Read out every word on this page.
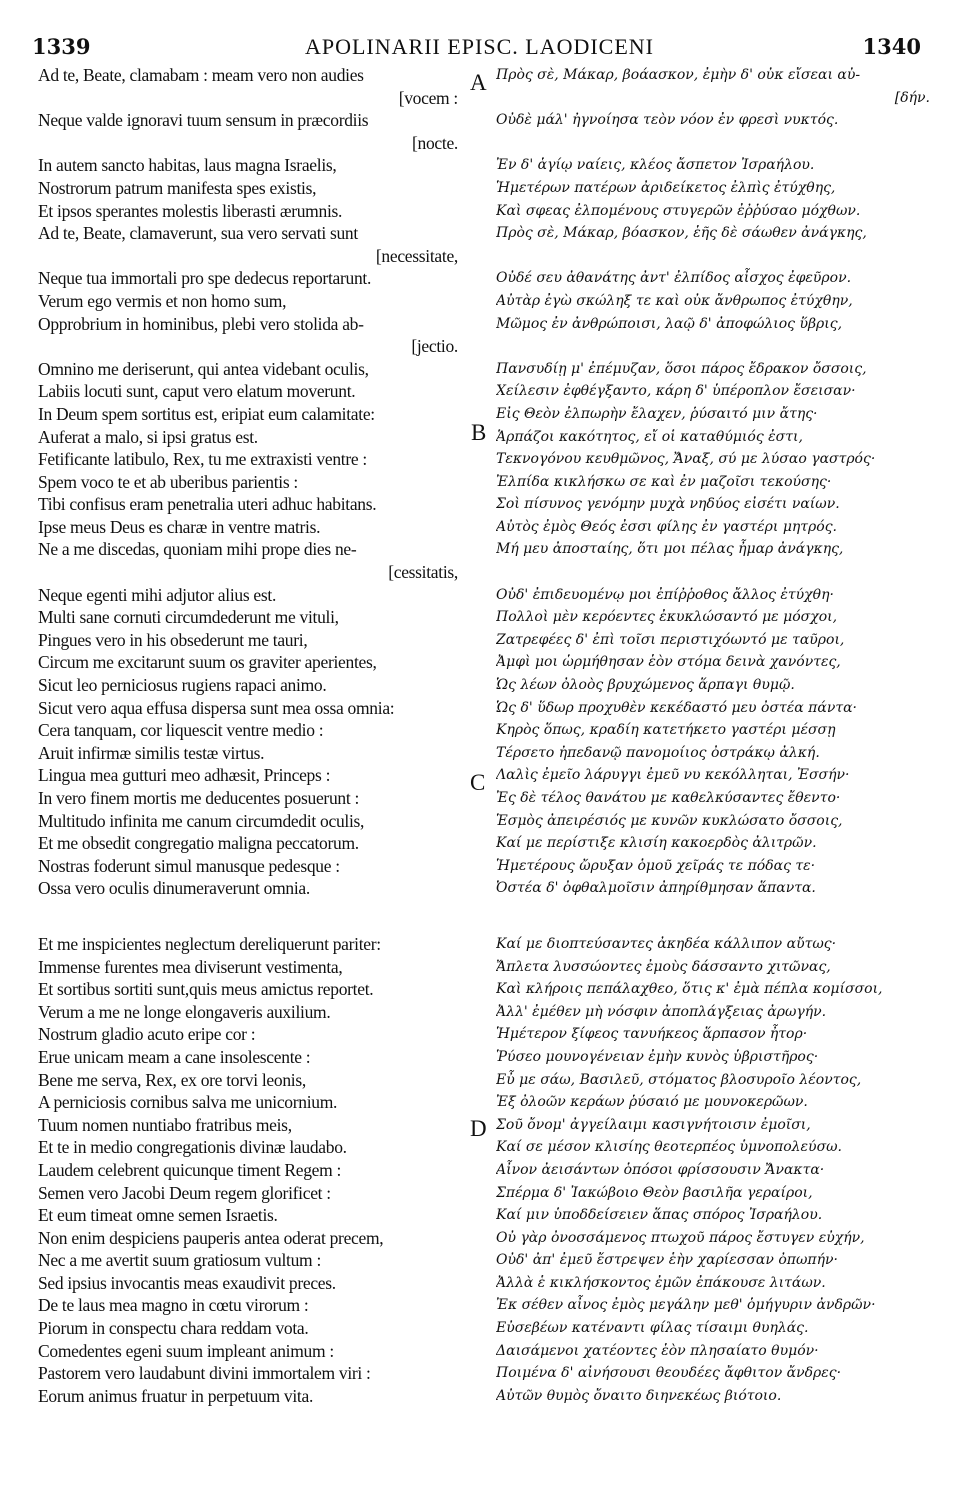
1339	APOLINARII EPISC. LAODICENI	1340
Ad te, Beate, clamabam : meam vero non audies
[vocem :
Neque valde ignoravi tuum sensum in præcordiis
[nocte.
In autem sancto habitas, laus magna Israelis,
Nostrorum patrum manifesta spes existis,
Et ipsos sperantes molestis liberasti ærumnis.
Ad te, Beate, clamaverunt, sua vero servati sunt
[necessitate,
Neque tua immortali pro spe dedecus reportarunt.
Verum ego vermis et non homo sum,
Opprobrium in hominibus, plebi vero stolida ab-
[jectio.
Omnino me deriserunt, qui antea videbant oculis,
Labiis locuti sunt, caput vero elatum moverunt.
In Deum spem sortitus est, eripiat eum calamitate:
Auferat a malo, si ipsi gratus est.
Fetificante latibulo, Rex, tu me extraxisti ventre :
Spem voco te et ab uberibus parientis :
Tibi confisus eram penetralia uteri adhuc habitans.
Ipse meus Deus es charæ in ventre matris.
Ne a me discedas, quoniam mihi prope dies ne-
[cessitatis,
Neque egenti mihi adjutor alius est.
Multi sane cornuti circumdederunt me vituli,
Pingues vero in his obsederunt me tauri,
Circum me excitarunt suum os graviter aperientes,
Sicut leo perniciosus rugiens rapaci animo.
Sicut vero aqua effusa dispersa sunt mea ossa omnia:
Cera tanquam, cor liquescit ventre medio :
Aruit infirmæ similis testæ virtus.
Lingua mea gutturi meo adhæsit, Princeps :
In vero finem mortis me deducentes posuerunt :
Multitudo infinita me canum circumdedit oculis,
Et me obsedit congregatio maligna peccatorum.
Nostras foderunt simul manusque pedesque :
Ossa vero oculis dinumeraverunt omnia.
Et me inspicientes neglectum dereliquerunt pariter:
Immense furentes mea diviserunt vestimenta,
Et sortibus sortiti sunt,quis meus amictus reportet.
Verum a me ne longe elongaveris auxilium.
Nostrum gladio acuto eripe cor :
Erue unicam meam a cane insolescente :
Bene me serva, Rex, ex ore torvi leonis,
A perniciosis cornibus salva me unicornium.
Tuum nomen nuntiabo fratribus meis,
Et te in medio congregationis divinæ laudabo.
Laudem celebrent quicunque timent Regem :
Semen vero Jacobi Deum regem glorificet :
Et eum timeat omne semen Israetis.
Non enim despiciens pauperis antea oderat precem,
Nec a me avertit suum gratiosum vultum :
Sed ipsius invocantis meas exaudivit preces.
De te laus mea magno in cœtu virorum :
Piorum in conspectu chara reddam vota.
Comedentes egeni suum impleant animum :
Pastorem vero laudabunt divini immortalem viri :
Eorum animus fruatur in perpetuum vita.
Πρὸς σὲ, Μάκαρ, βοάασκον, ἐμὴν δ' οὐκ εἴσεαι αὐ-
[δήν.
Οὐδὲ μάλ' ἠγνοίησα τεὸν νόον ἐν φρεσὶ νυκτός.
Ἐν δ' ἁγίῳ ναίεις, κλέος ἄσπετον Ἰσραήλου.
Ἡμετέρων πατέρων ἀριδείκετος ἐλπὶς ἐτύχθης,
Καὶ σφεας ἐλπομένους στυγερῶν ἐῤῥύσαο μόχθων.
Πρὸς σὲ, Μάκαρ, βόασκον, ἑῆς δὲ σάωθεν ἀνάγκης,
Οὐδέ σευ ἀθανάτης ἀντ' ἐλπίδος αἶσχος ἐφεῦρον.
Αὐτὰρ ἐγὼ σκώληξ τε καὶ οὐκ ἄνθρωπος ἐτύχθην,
Μῶμος ἐν ἀνθρώποισι, λαῷ δ' ἀποφώλιος ὕβρις,
Πανσυδίῃ μ' ἐπέμυζαν, ὅσοι πάρος ἔδρακον ὄσσοις,
Χείλεσιν ἐφθέγξαντο, κάρη δ' ὑπέροπλον ἔσεισαν·
Εἰς Θεὸν ἐλπωρὴν ἔλαχεν, ῥύσαιτό μιν ἄτης·
Ἁρπάζοι κακότητος, εἴ οἱ καταθύμιός ἐστι,
Τεκνογόνου κευθμῶνος, Ἄναξ, σύ με λύσαο γαστρός·
Ἐλπίδα κικλήσκω σε καὶ ἐν μαζοῖσι τεκούσης·
Σοὶ πίσυνος γενόμην μυχὰ νηδύος εἰσέτι ναίων.
Αὐτὸς ἐμὸς Θεός ἐσσι φίλης ἐν γαστέρι μητρός.
Μή μευ ἀποσταίης, ὅτι μοι πέλας ἦμαρ ἀνάγκης,
Οὐδ' ἐπιδευομένῳ μοι ἐπίῤῥοθος ἄλλος ἐτύχθη·
Πολλοὶ μὲν κερόεντες ἐκυκλώσαντό με μόσχοι,
Ζατρεφέες δ' ἐπὶ τοῖσι περιστιχόωντό με ταῦροι,
Ἀμφὶ μοι ὡρμήθησαν ἑὸν στόμα δεινὰ χανόντες,
Ὡς λέων ὀλοὸς βρυχώμενος ἅρπαγι θυμῷ.
Ὡς δ' ὕδωρ προχυθὲν κεκέδαστό μευ ὀστέα πάντα·
Κηρὸς ὅπως, κραδίη κατετήκετο γαστέρι μέσσῃ
Τέρσετο ἠπεδανῷ πανομοίιος ὀστράκῳ ἀλκή.
Λαλὶς ἐμεῖο λάρυγγι ἐμεῦ νυ κεκόλληται, Ἐσσήν·
Ἐς δὲ τέλος θανάτου με καθελκύσαντες ἔθεντο·
Ἑσμὸς ἀπειρέσιός με κυνῶν κυκλώσατο ὄσσοις,
Καί με περίστιξε κλισίη κακοερδὸς ἀλιτρῶν.
Ἡμετέρους ὤρυξαν ὁμοῦ χεῖράς τε πόδας τε·
Ὀστέα δ' ὀφθαλμοῖσιν ἀπηρίθμησαν ἅπαντα.
Καί με διοπτεύσαντες ἀκηδέα κάλλιπον αὔτως·
Ἄπλετα λυσσώοντες ἐμοὺς δάσσαντο χιτῶνας,
Καὶ κλήροις πεπάλαχθεο, ὅτις κ' ἐμὰ πέπλα κομίσσοι,
Ἀλλ' ἐμέθεν μὴ νόσφιν ἀποπλάγξειας ἀρωγήν.
Ἡμέτερον ξίφεος τανυήκεος ἅρπασον ἦτορ·
Ῥύσεο μουνογένειαν ἐμὴν κυνὸς ὑβριστῆρος·
Εὖ με σάω, Βασιλεῦ, στόματος βλοσυροῖο λέοντος,
Ἐξ ὀλοῶν κεράων ῥύσαιό με μουνοκερῶων.
Σοῦ ὄνομ' ἀγγείλαιμι κασιγνήτοισιν ἐμοῖσι,
Καί σε μέσον κλισίης θεοτερπέος ὑμνοπολεύσω.
Αἶνον ἀεισάντων ὁπόσοι φρίσσουσιν Ἄνακτα·
Σπέρμα δ' Ἰακώβοιο Θεὸν βασιλῆα γεραίροι,
Καί μιν ὑποδδείσειεν ἅπας σπόρος Ἰσραήλου.
Οὐ γὰρ ὀνοσσάμενος πτωχοῦ πάρος ἔστυγεν εὐχήν,
Οὐδ' ἀπ' ἐμεῦ ἔστρεψεν ἑὴν χαρίεσσαν ὀπωπήν·
Ἀλλὰ ἑ κικλήσκοντος ἐμῶν ἐπάκουσε λιτάων.
Ἐκ σέθεν αἶνος ἐμὸς μεγάλην μεθ' ὁμήγυριν ἀνδρῶν·
Εὐσεβέων κατέναντι φίλας τίσαιμι θυηλάς.
Δαισάμενοι χατέοντες ἑὸν πλησαίατο θυμόν·
Ποιμένα δ' αἰνήσουσι θεουδέες ἄφθιτον ἄνδρες·
Αὐτῶν θυμὸς ὄναιτο διηνεκέως βιότοιο.
A
B
C
D
